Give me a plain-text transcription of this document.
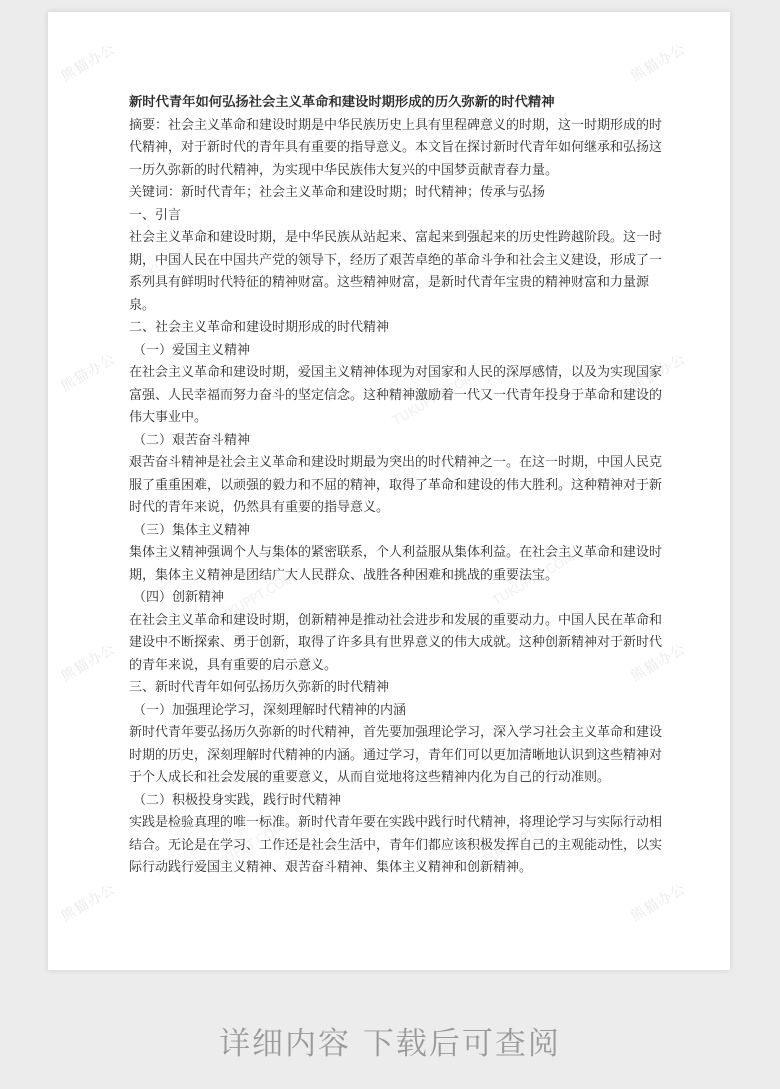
熊猫办公	熊猫办公
熊猫办公	熊猫办公
熊猫办公	熊猫办公
熊猫办公	熊猫办公
TUKUPPT.COM
TUKUPPT.COM
TUKUPPT.COM	TUKUPPT.COM
TUKUPPT.COM	TUKUPPT.COM

新时代青年如何弘扬社会主义革命和建设时期形成的历久弥新的时代精神

摘要：社会主义革命和建设时期是中华民族历史上具有里程碑意义的时期，这一时期形成的时代精神，对于新时代的青年具有重要的指导意义。本文旨在探讨新时代青年如何继承和弘扬这一历久弥新的时代精神，为实现中华民族伟大复兴的中国梦贡献青春力量。

关键词：新时代青年；社会主义革命和建设时期；时代精神；传承与弘扬

一、引言

社会主义革命和建设时期，是中华民族从站起来、富起来到强起来的历史性跨越阶段。这一时期，中国人民在中国共产党的领导下，经历了艰苦卓绝的革命斗争和社会主义建设，形成了一系列具有鲜明时代特征的精神财富。这些精神财富，是新时代青年宝贵的精神财富和力量源泉。

二、社会主义革命和建设时期形成的时代精神

（一）爱国主义精神

在社会主义革命和建设时期，爱国主义精神体现为对国家和人民的深厚感情，以及为实现国家富强、人民幸福而努力奋斗的坚定信念。这种精神激励着一代又一代青年投身于革命和建设的伟大事业中。

（二）艰苦奋斗精神

艰苦奋斗精神是社会主义革命和建设时期最为突出的时代精神之一。在这一时期，中国人民克服了重重困难，以顽强的毅力和不屈的精神，取得了革命和建设的伟大胜利。这种精神对于新时代的青年来说，仍然具有重要的指导意义。

（三）集体主义精神

集体主义精神强调个人与集体的紧密联系，个人利益服从集体利益。在社会主义革命和建设时期，集体主义精神是团结广大人民群众、战胜各种困难和挑战的重要法宝。

（四）创新精神

在社会主义革命和建设时期，创新精神是推动社会进步和发展的重要动力。中国人民在革命和建设中不断探索、勇于创新，取得了许多具有世界意义的伟大成就。这种创新精神对于新时代的青年来说，具有重要的启示意义。

三、新时代青年如何弘扬历久弥新的时代精神

（一）加强理论学习，深刻理解时代精神的内涵

新时代青年要弘扬历久弥新的时代精神，首先要加强理论学习，深入学习社会主义革命和建设时期的历史，深刻理解时代精神的内涵。通过学习，青年们可以更加清晰地认识到这些精神对于个人成长和社会发展的重要意义，从而自觉地将这些精神内化为自己的行动准则。

（二）积极投身实践，践行时代精神

实践是检验真理的唯一标准。新时代青年要在实践中践行时代精神，将理论学习与实际行动相结合。无论是在学习、工作还是社会生活中，青年们都应该积极发挥自己的主观能动性，以实际行动践行爱国主义精神、艰苦奋斗精神、集体主义精神和创新精神。

详细内容 下载后可查阅
